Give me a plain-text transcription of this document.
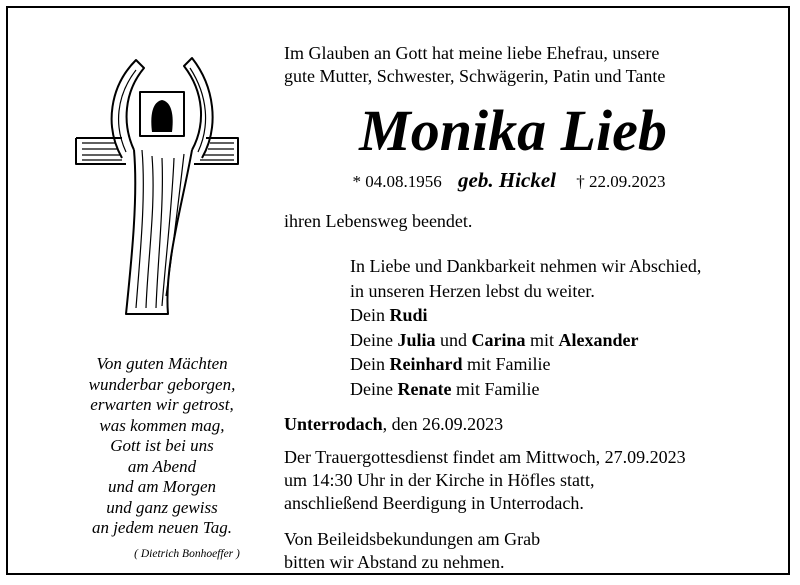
Von guten Mächten
wunderbar geborgen,
erwarten wir getrost,
was kommen mag,
Gott ist bei uns
am Abend
und am Morgen
und ganz gewiss
an jedem neuen Tag.
( Dietrich Bonhoeffer )
Im Glauben an Gott hat meine liebe Ehefrau, unsere
gute Mutter, Schwester, Schwägerin, Patin und Tante
Monika Lieb
* 04.08.1956 geb. Hickel † 22.09.2023
ihren Lebensweg beendet.
In Liebe und Dankbarkeit nehmen wir Abschied,
in unseren Herzen lebst du weiter.
Dein Rudi
Deine Julia und Carina mit Alexander
Dein Reinhard mit Familie
Deine Renate mit Familie
Unterrodach, den 26.09.2023
Der Trauergottesdienst findet am Mittwoch, 27.09.2023
um 14:30 Uhr in der Kirche in Höfles statt,
anschließend Beerdigung in Unterrodach.
Von Beileidsbekundungen am Grab
bitten wir Abstand zu nehmen.
